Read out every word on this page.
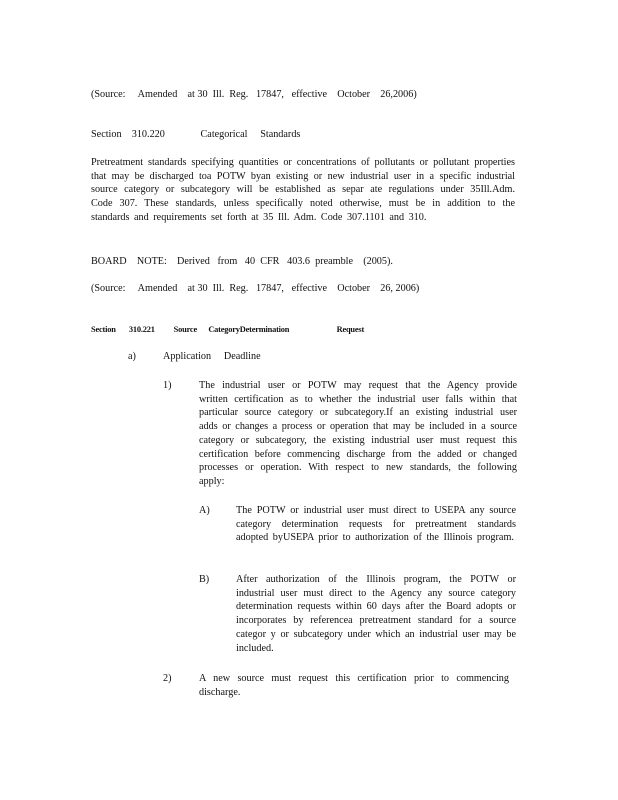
(Source:     Amended    at 30  Ill.  Reg.   17847,   effective    October    26,2006)
Section    310.220              Categorical     Standards
Pretreatment standards specifying quantities or concentrations of pollutants or pollutant properties that may be discharged toa POTW byan existing or new industrial user in a specific industrial source category or subcategory will be established as separ ate regulations under 35Ill.Adm. Code 307. These standards, unless specifically noted otherwise, must be in addition to the standards and requirements set forth at 35 Ill. Adm. Code 307.1101 and 310.
BOARD    NOTE:    Derived   from   40  CFR   403.6  preamble    (2005).
(Source:     Amended    at 30  Ill.  Reg.   17847,   effective    October    26, 2006)
Section       310.221          Source      CategoryDetermination                         Request
a)	Application     Deadline
1)	The industrial user or POTW may request that the Agency provide written certification as to whether the industrial user falls within that particular source category or subcategory.If an existing industrial user adds or changes a process or operation that may be included in a source category or subcategory, the existing industrial user must request this certification before commencing discharge from the added or changed processes or operation. With respect to new standards, the following apply:
A)	The POTW or industrial user must direct to USEPA any source category determination requests for pretreatment standards adopted byUSEPA prior to authorization of the Illinois program.
B)	After authorization of the Illinois program, the POTW or industrial user must direct to the Agency any source category determination requests within 60 days after the Board adopts or incorporates by referencea pretreatment standard for a source categor y or subcategory under which an industrial user may be included.
2)	A new source must request this certification prior to commencing discharge.
